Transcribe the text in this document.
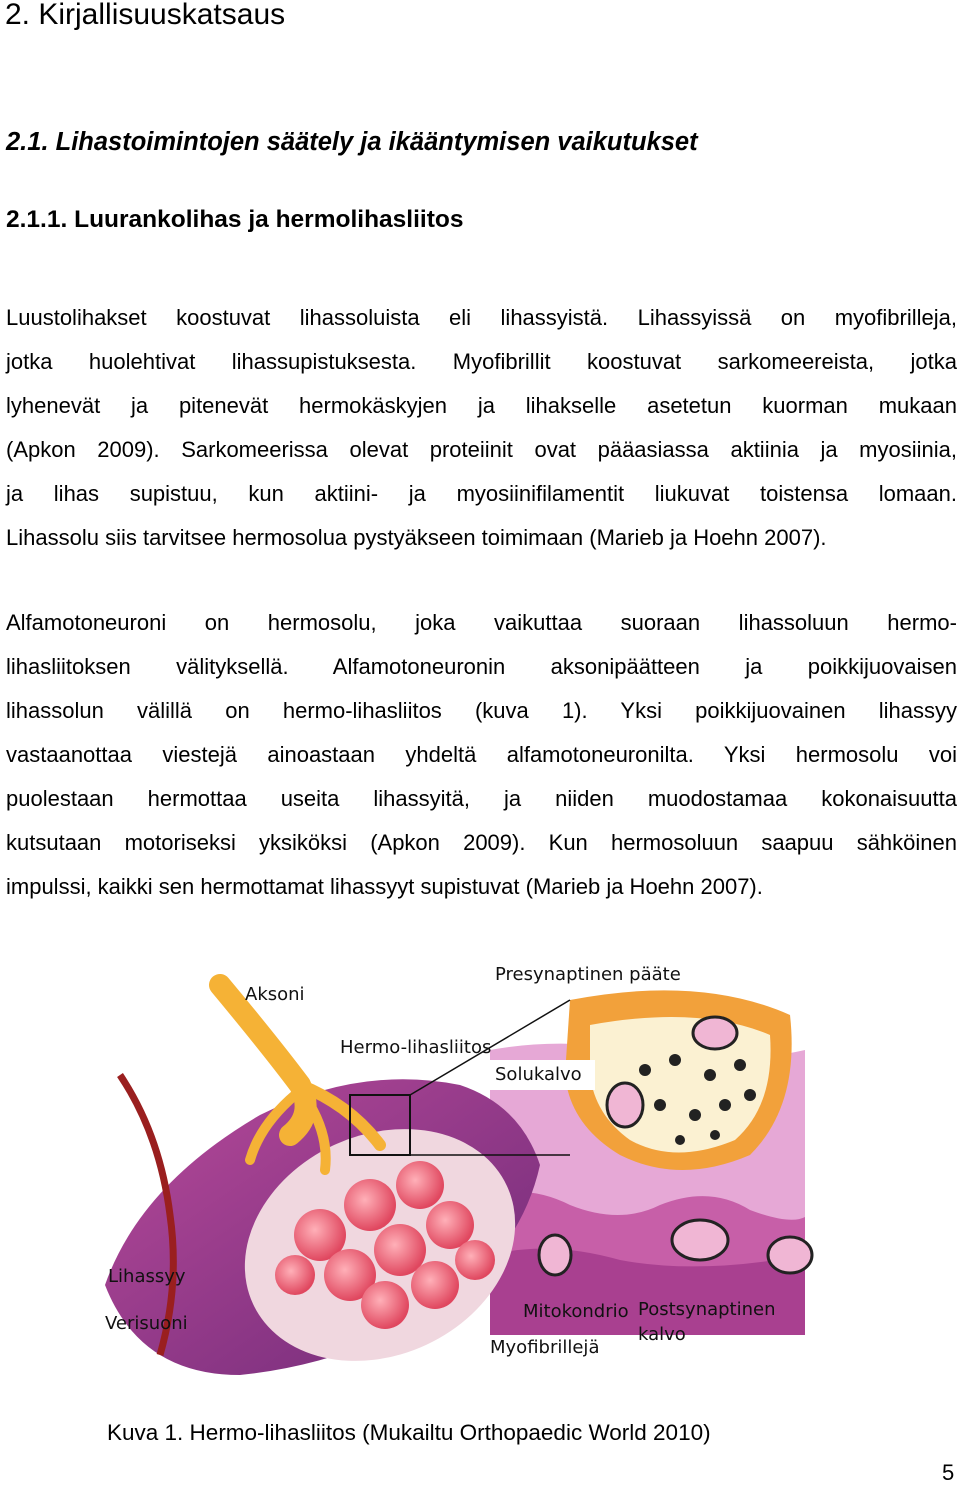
2. Kirjallisuuskatsaus
2.1. Lihastoimintojen säätely ja ikääntymisen vaikutukset
2.1.1. Luurankolihas ja hermolihasliitos
Luustolihakset koostuvat lihassoluista eli lihassyistä. Lihassyissä on myofibrilleja,
jotka huolehtivat lihassupistuksesta. Myofibrillit koostuvat sarkomeereista, jotka
lyhenevät ja pitenevät hermokäskyjen ja lihakselle asetetun kuorman mukaan
(Apkon 2009). Sarkomeerissa olevat proteiinit ovat pääasiassa aktiinia ja myosiinia,
ja lihas supistuu, kun aktiini- ja myosiinifilamentit liukuvat toistensa lomaan.
Lihassolu siis tarvitsee hermosolua pystyäkseen toimimaan (Marieb ja Hoehn 2007).
Alfamotoneuroni on hermosolu, joka vaikuttaa suoraan lihassoluun hermo-
lihasliitoksen välityksellä. Alfamotoneuronin aksonipäätteen ja poikkijuovaisen
lihassolun välillä on hermo-lihasliitos (kuva 1). Yksi poikkijuovainen lihassyy
vastaanottaa viestejä ainoastaan yhdeltä alfamotoneuronilta. Yksi hermosolu voi
puolestaan hermottaa useita lihassyitä, ja niiden muodostamaa kokonaisuutta
kutsutaan motoriseksi yksiköksi (Apkon 2009). Kun hermosoluun saapuu sähköinen
impulssi, kaikki sen hermottamat lihassyyt supistuvat (Marieb ja Hoehn 2007).
Aksoni
Presynaptinen pääte
Hermo-lihasliitos
Solukalvo
Lihassyy
Verisuoni
Mitokondrio Postsynaptinen
kalvo
Myofibrillejä
Kuva 1. Hermo-lihasliitos (Mukailtu Orthopaedic World 2010)
5
